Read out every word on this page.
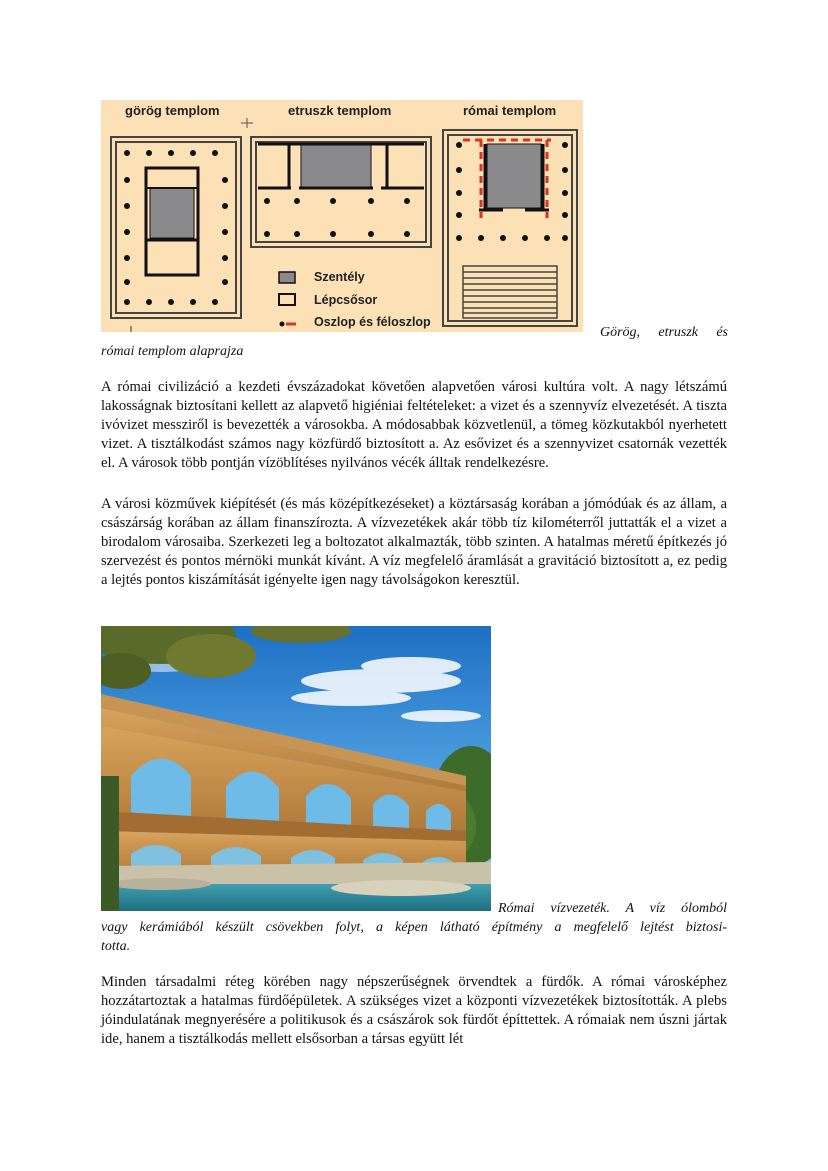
görög templom	etruszk templom	római templom
Szentély
Lépcsősor
Oszlop és féloszlop

Görög, etruszk és

római templom alaprajza

A római civilizáció a kezdeti évszázadokat követően alapvetően városi kultúra volt. A nagy létszámú lakosságnak biztosítani kellett az alapvető higiéniai feltételeket: a vizet és a szennyvíz elvezetését. A tiszta ivóvizet messziről is bevezették a városokba. A módosabbak közvetlenül, a tömeg közkutakból nyerhetett vizet. A tisztálkodást számos nagy közfürdő biztosított a. Az esővizet és a szennyvizet csatornák vezették el. A városok több pontján vízöblítéses nyilvános vécék álltak rendelkezésre.

A városi közművek kiépítését (és más középítkezéseket) a köztársaság korában a jómódúak és az állam, a császárság korában az állam finanszírozta. A vízvezetékek akár több tíz kilométerről juttatták el a vizet a birodalom városaiba. Szerkezeti leg a boltozatot alkalmazták, több szinten. A hatalmas méretű építkezés jó szervezést és pontos mérnöki munkát kívánt. A víz megfelelő áramlását a gravitáció biztosított a, ez pedig a lejtés pontos kiszámítását igényelte igen nagy távolságokon keresztül.

Római vízvezeték. A víz ólomból

vagy kerámiából készült csövekben folyt, a képen látható építmény a megfelelő lejtést biztosi-

totta.

Minden társadalmi réteg körében nagy népszerűségnek örvendtek a fürdők. A római városképhez hozzátartoztak a hatalmas fürdőépületek. A szükséges vizet a központi vízvezetékek biztosították. A plebs jóindulatának megnyerésére a politikusok és a császárok sok fürdőt építtettek. A rómaiak nem úszni jártak ide, hanem a tisztálkodás mellett elsősorban a társas együtt lét
